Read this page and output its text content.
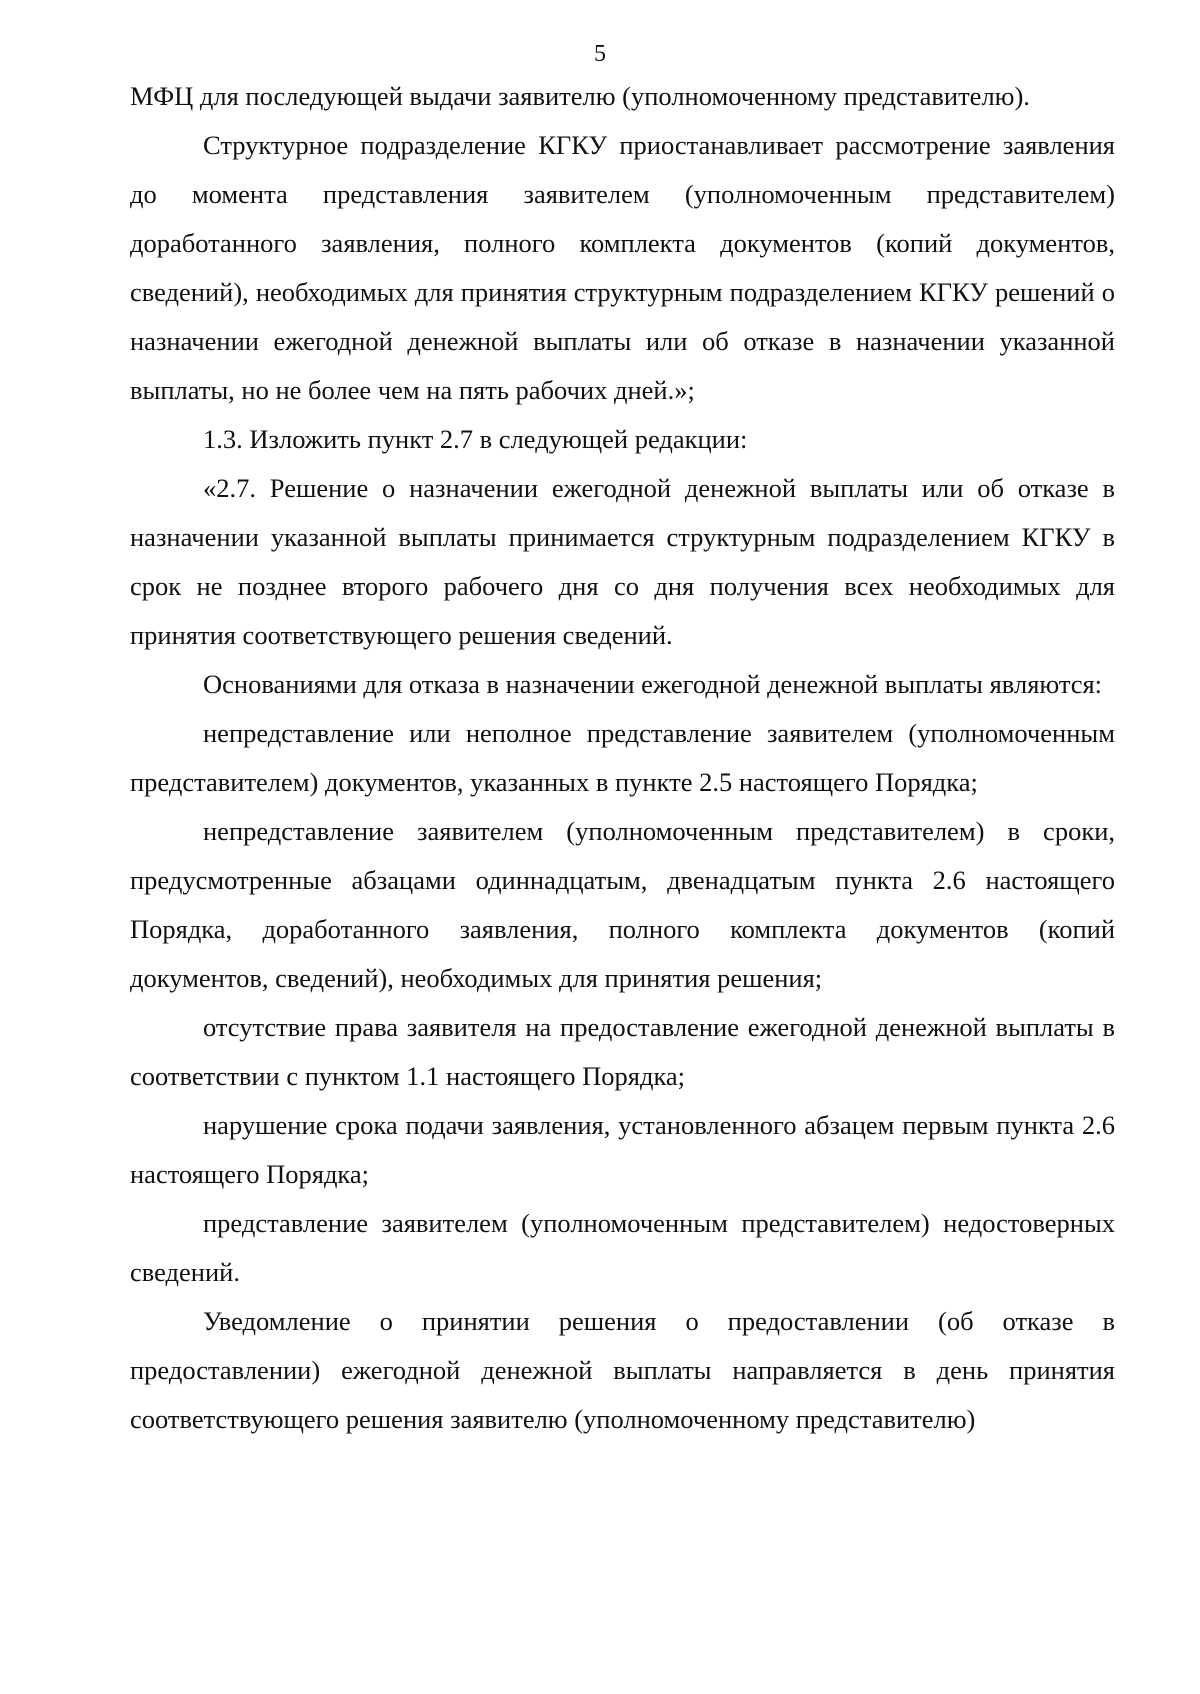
5

МФЦ для последующей выдачи заявителю (уполномоченному представителю).

Структурное подразделение КГКУ приостанавливает рассмотрение заявления до момента представления заявителем (уполномоченным представителем) доработанного заявления, полного комплекта документов (копий документов, сведений), необходимых для принятия структурным подразделением КГКУ решений о назначении ежегодной денежной выплаты или об отказе в назначении указанной выплаты, но не более чем на пять рабочих дней.»;

1.3. Изложить пункт 2.7 в следующей редакции:

«2.7. Решение о назначении ежегодной денежной выплаты или об отказе в назначении указанной выплаты принимается структурным подразделением КГКУ в срок не позднее второго рабочего дня со дня получения всех необходимых для принятия соответствующего решения сведений.

Основаниями для отказа в назначении ежегодной денежной выплаты являются:

непредставление или неполное представление заявителем (уполномоченным представителем) документов, указанных в пункте 2.5 настоящего Порядка;

непредставление заявителем (уполномоченным представителем) в сроки, предусмотренные абзацами одиннадцатым, двенадцатым пункта 2.6 настоящего Порядка, доработанного заявления, полного комплекта документов (копий документов, сведений), необходимых для принятия решения;

отсутствие права заявителя на предоставление ежегодной денежной выплаты в соответствии с пунктом 1.1 настоящего Порядка;

нарушение срока подачи заявления, установленного абзацем первым пункта 2.6 настоящего Порядка;

представление заявителем (уполномоченным представителем) недостоверных сведений.

Уведомление о принятии решения о предоставлении (об отказе в предоставлении) ежегодной денежной выплаты направляется в день принятия соответствующего решения заявителю (уполномоченному представителю)
